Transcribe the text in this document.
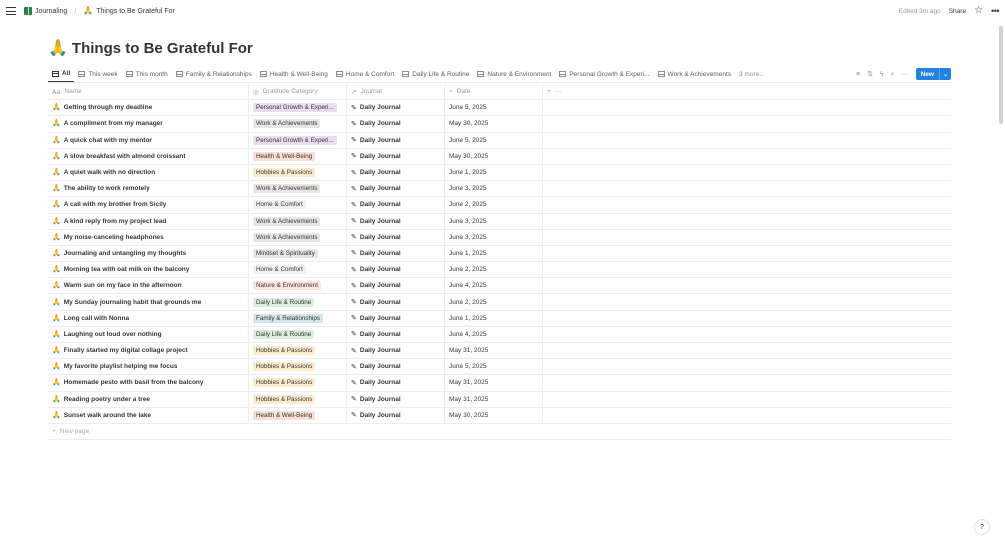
Journaling / 🙏 Things to Be Grateful For	Edited 3m ago Share ☆ •••
🙏 Things to Be Grateful For
All	This week	This month	Family & Relationships	Health & Well-Being	Home & Comfort	Daily Life & Routine	Nature & Environment	Personal Growth & Experi...	Work & Achievements	3 more...	≡ ⇅ ϟ ⌕ ···	New	⌄
Aa Name	◎ Gratitude Category	↗ Journal	⌕ Date	+ ···
🙏 Getting through my deadline	Personal Growth & Experi...	✎ Daily Journal	June 5, 2025
🙏 A compliment from my manager	Work & Achievements	✎ Daily Journal	May 30, 2025
🙏 A quick chat with my mentor	Personal Growth & Experi...	✎ Daily Journal	June 5, 2025
🙏 A slow breakfast with almond croissant	Health & Well-Being	✎ Daily Journal	May 30, 2025
🙏 A quiet walk with no direction	Hobbies & Passions	✎ Daily Journal	June 1, 2025
🙏 The ability to work remotely	Work & Achievements	✎ Daily Journal	June 3, 2025
🙏 A call with my brother from Sicily	Home & Comfort	✎ Daily Journal	June 2, 2025
🙏 A kind reply from my project lead	Work & Achievements	✎ Daily Journal	June 3, 2025
🙏 My noise-canceling headphones	Work & Achievements	✎ Daily Journal	June 3, 2025
🙏 Journaling and untangling my thoughts	Mindset & Spirituality	✎ Daily Journal	June 1, 2025
🙏 Morning tea with oat milk on the balcony	Home & Comfort	✎ Daily Journal	June 2, 2025
🙏 Warm sun on my face in the afternoon	Nature & Environment	✎ Daily Journal	June 4, 2025
🙏 My Sunday journaling habit that grounds me	Daily Life & Routine	✎ Daily Journal	June 2, 2025
🙏 Long call with Nonna	Family & Relationships	✎ Daily Journal	June 1, 2025
🙏 Laughing out loud over nothing	Daily Life & Routine	✎ Daily Journal	June 4, 2025
🙏 Finally started my digital collage project	Hobbies & Passions	✎ Daily Journal	May 31, 2025
🙏 My favorite playlist helping me focus	Hobbies & Passions	✎ Daily Journal	June 5, 2025
🙏 Homemade pesto with basil from the balcony	Hobbies & Passions	✎ Daily Journal	May 31, 2025
🙏 Reading poetry under a tree	Hobbies & Passions	✎ Daily Journal	May 31, 2025
🙏 Sunset walk around the lake	Health & Well-Being	✎ Daily Journal	May 30, 2025
+ New page
?
